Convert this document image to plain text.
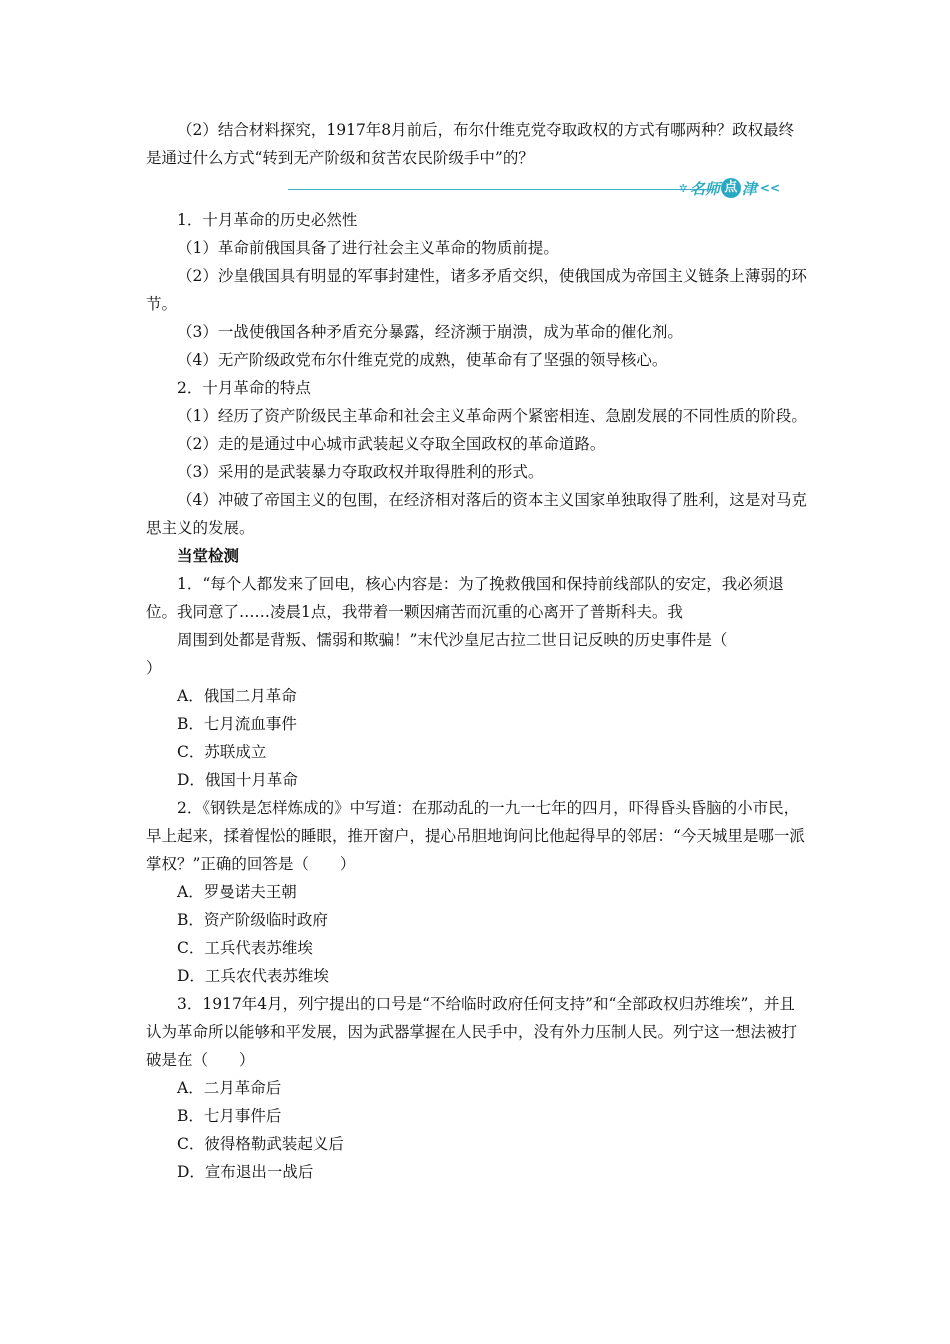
（2）结合材料探究，1917年8月前后，布尔什维克党夺取政权的方式有哪两种？政权最终是通过什么方式“转到无产阶级和贫苦农民阶级手中”的？

✲ 名师 点 津 <<

1．十月革命的历史必然性

（1）革命前俄国具备了进行社会主义革命的物质前提。

（2）沙皇俄国具有明显的军事封建性，诸多矛盾交织，使俄国成为帝国主义链条上薄弱的环节。

（3）一战使俄国各种矛盾充分暴露，经济濒于崩溃，成为革命的催化剂。

（4）无产阶级政党布尔什维克党的成熟，使革命有了坚强的领导核心。

2．十月革命的特点

（1）经历了资产阶级民主革命和社会主义革命两个紧密相连、急剧发展的不同性质的阶段。

（2）走的是通过中心城市武装起义夺取全国政权的革命道路。

（3）采用的是武装暴力夺取政权并取得胜利的形式。

（4）冲破了帝国主义的包围，在经济相对落后的资本主义国家单独取得了胜利，这是对马克思主义的发展。

当堂检测

1．“每个人都发来了回电，核心内容是：为了挽救俄国和保持前线部队的安定，我必须退位。我同意了……凌晨1点，我带着一颗因痛苦而沉重的心离开了普斯科夫。我

周围到处都是背叛、懦弱和欺骗！”末代沙皇尼古拉二世日记反映的历史事件是（

）

A．俄国二月革命

B．七月流血事件

C．苏联成立

D．俄国十月革命

2．《钢铁是怎样炼成的》中写道：在那动乱的一九一七年的四月，吓得昏头昏脑的小市民，早上起来，揉着惺忪的睡眼，推开窗户，提心吊胆地询问比他起得早的邻居：“今天城里是哪一派掌权？”正确的回答是（　　）

A．罗曼诺夫王朝

B．资产阶级临时政府

C．工兵代表苏维埃

D．工兵农代表苏维埃

3．1917年4月，列宁提出的口号是“不给临时政府任何支持”和“全部政权归苏维埃”，并且认为革命所以能够和平发展，因为武器掌握在人民手中，没有外力压制人民。列宁这一想法被打破是在（　　）

A．二月革命后

B．七月事件后

C．彼得格勒武装起义后

D．宣布退出一战后
